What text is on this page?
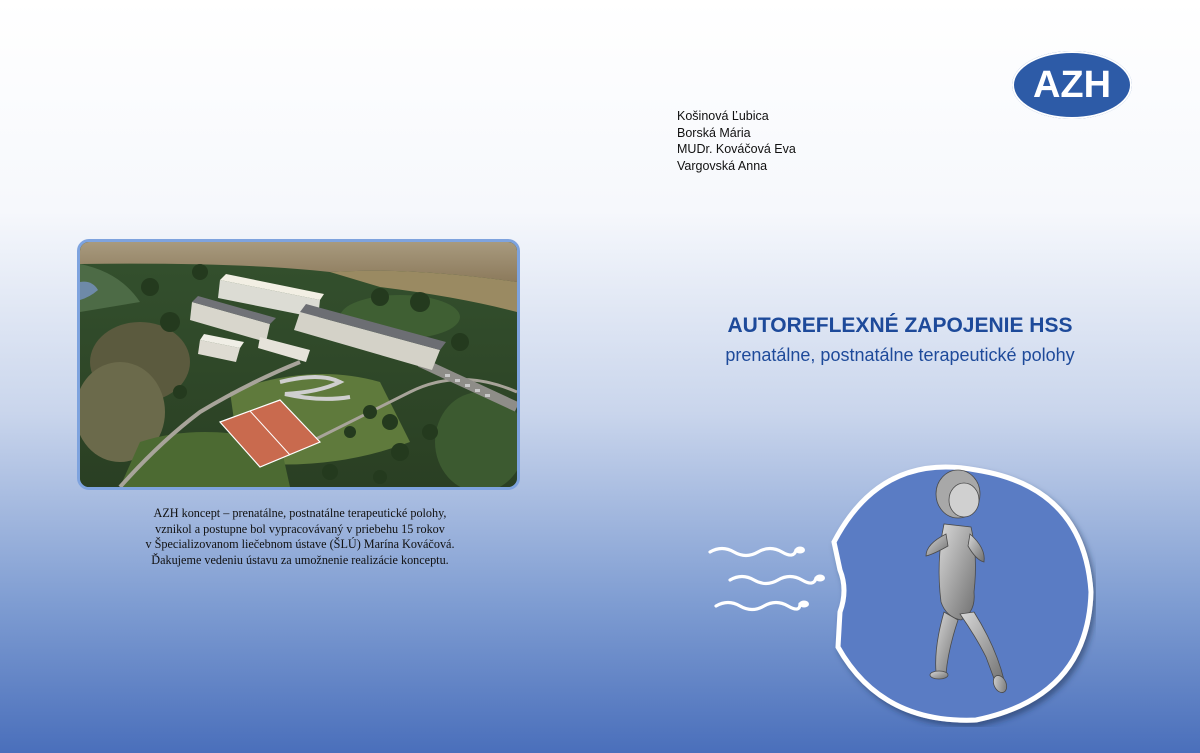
Košinová Ľubica
Borská Mária
MUDr. Kováčová Eva
Vargovská Anna
AZH
AZH koncept – prenatálne, postnatálne terapeutické polohy,
vznikol a postupne bol vypracovávaný v priebehu 15 rokov
v Špecializovanom liečebnom ústave (ŠLÚ) Marína Kováčová.
Ďakujeme vedeniu ústavu za umožnenie realizácie konceptu.
AUTOREFLEXNÉ ZAPOJENIE HSS
prenatálne, postnatálne terapeutické polohy
